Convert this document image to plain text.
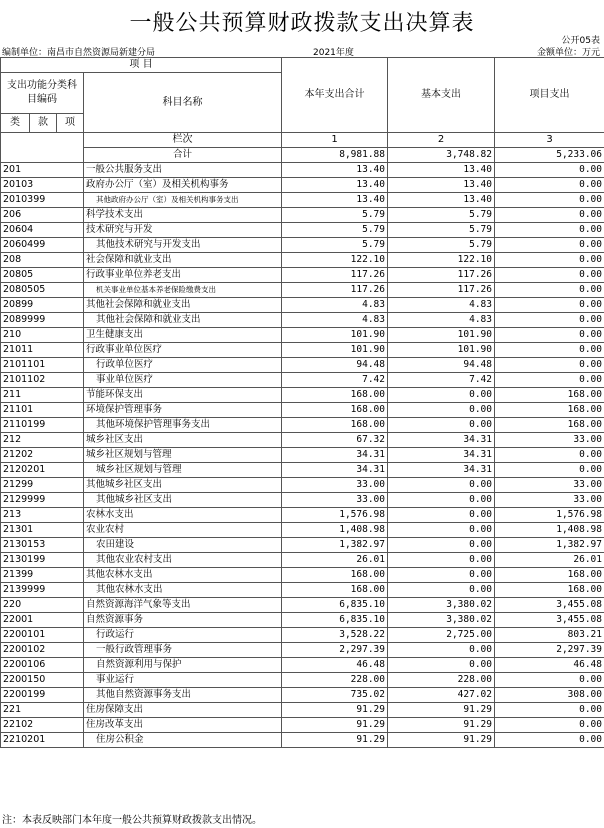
一般公共预算财政拨款支出决算表
公开05表
编制单位：南昌市自然资源局新建分局	2021年度	金额单位：万元
项 目				本年支出合计	基本支出	项目支出
支出功能分类科目编码			科目名称			
类	款	项				
			栏次	1	2	3
			合计	8,981.88	3,748.82	5,233.06
201			一般公共服务支出	13.40	13.40	0.00
20103			政府办公厅（室）及相关机构事务	13.40	13.40	0.00
2010399			其他政府办公厅（室）及相关机构事务支出	13.40	13.40	0.00
206			科学技术支出	5.79	5.79	0.00
20604			技术研究与开发	5.79	5.79	0.00
2060499			其他技术研究与开发支出	5.79	5.79	0.00
208			社会保障和就业支出	122.10	122.10	0.00
20805			行政事业单位养老支出	117.26	117.26	0.00
2080505			机关事业单位基本养老保险缴费支出	117.26	117.26	0.00
20899			其他社会保障和就业支出	4.83	4.83	0.00
2089999			其他社会保障和就业支出	4.83	4.83	0.00
210			卫生健康支出	101.90	101.90	0.00
21011			行政事业单位医疗	101.90	101.90	0.00
2101101			行政单位医疗	94.48	94.48	0.00
2101102			事业单位医疗	7.42	7.42	0.00
211			节能环保支出	168.00	0.00	168.00
21101			环境保护管理事务	168.00	0.00	168.00
2110199			其他环境保护管理事务支出	168.00	0.00	168.00
212			城乡社区支出	67.32	34.31	33.00
21202			城乡社区规划与管理	34.31	34.31	0.00
2120201			城乡社区规划与管理	34.31	34.31	0.00
21299			其他城乡社区支出	33.00	0.00	33.00
2129999			其他城乡社区支出	33.00	0.00	33.00
213			农林水支出	1,576.98	0.00	1,576.98
21301			农业农村	1,408.98	0.00	1,408.98
2130153			农田建设	1,382.97	0.00	1,382.97
2130199			其他农业农村支出	26.01	0.00	26.01
21399			其他农林水支出	168.00	0.00	168.00
2139999			其他农林水支出	168.00	0.00	168.00
220			自然资源海洋气象等支出	6,835.10	3,380.02	3,455.08
22001			自然资源事务	6,835.10	3,380.02	3,455.08
2200101			行政运行	3,528.22	2,725.00	803.21
2200102			一般行政管理事务	2,297.39	0.00	2,297.39
2200106			自然资源利用与保护	46.48	0.00	46.48
2200150			事业运行	228.00	228.00	0.00
2200199			其他自然资源事务支出	735.02	427.02	308.00
221			住房保障支出	91.29	91.29	0.00
22102			住房改革支出	91.29	91.29	0.00
2210201			住房公积金	91.29	91.29	0.00
注：本表反映部门本年度一般公共预算财政拨款支出情况。
